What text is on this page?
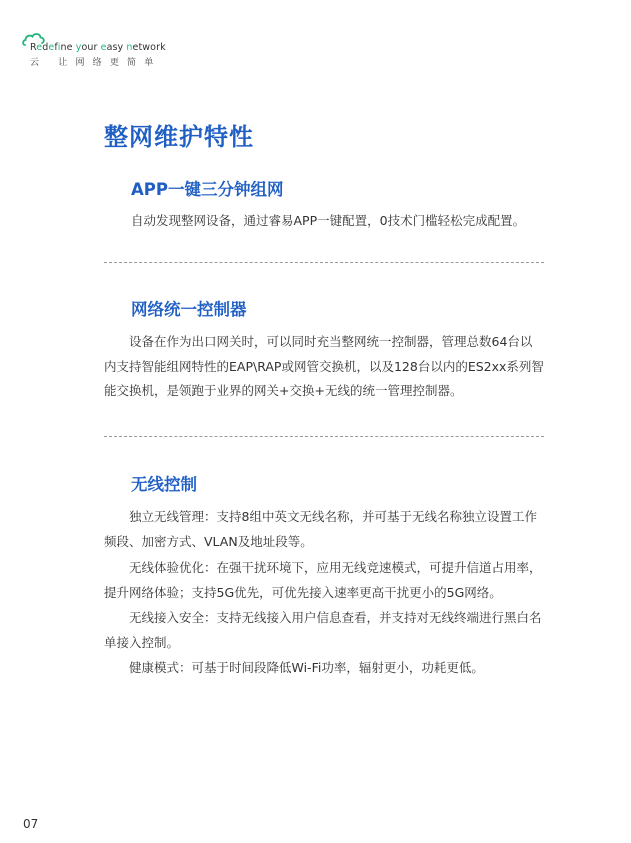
Redefine your easy network
云 让网络更简单
整网维护特性
APP一键三分钟组网

自动发现整网设备，通过睿易APP一键配置，0技术门槛轻松完成配置。

网络统一控制器

设备在作为出口网关时，可以同时充当整网统一控制器，管理总数64台以内支持智能组网特性的EAP\RAP或网管交换机，以及128台以内的ES2xx系列智能交换机，是领跑于业界的网关+交换+无线的统一管理控制器。

无线控制

独立无线管理：支持8组中英文无线名称，并可基于无线名称独立设置工作频段、加密方式、VLAN及地址段等。

无线体验优化：在强干扰环境下，应用无线竞速模式，可提升信道占用率，提升网络体验；支持5G优先，可优先接入速率更高干扰更小的5G网络。

无线接入安全：支持无线接入用户信息查看，并支持对无线终端进行黑白名单接入控制。

健康模式：可基于时间段降低Wi-Fi功率，辐射更小，功耗更低。

07
